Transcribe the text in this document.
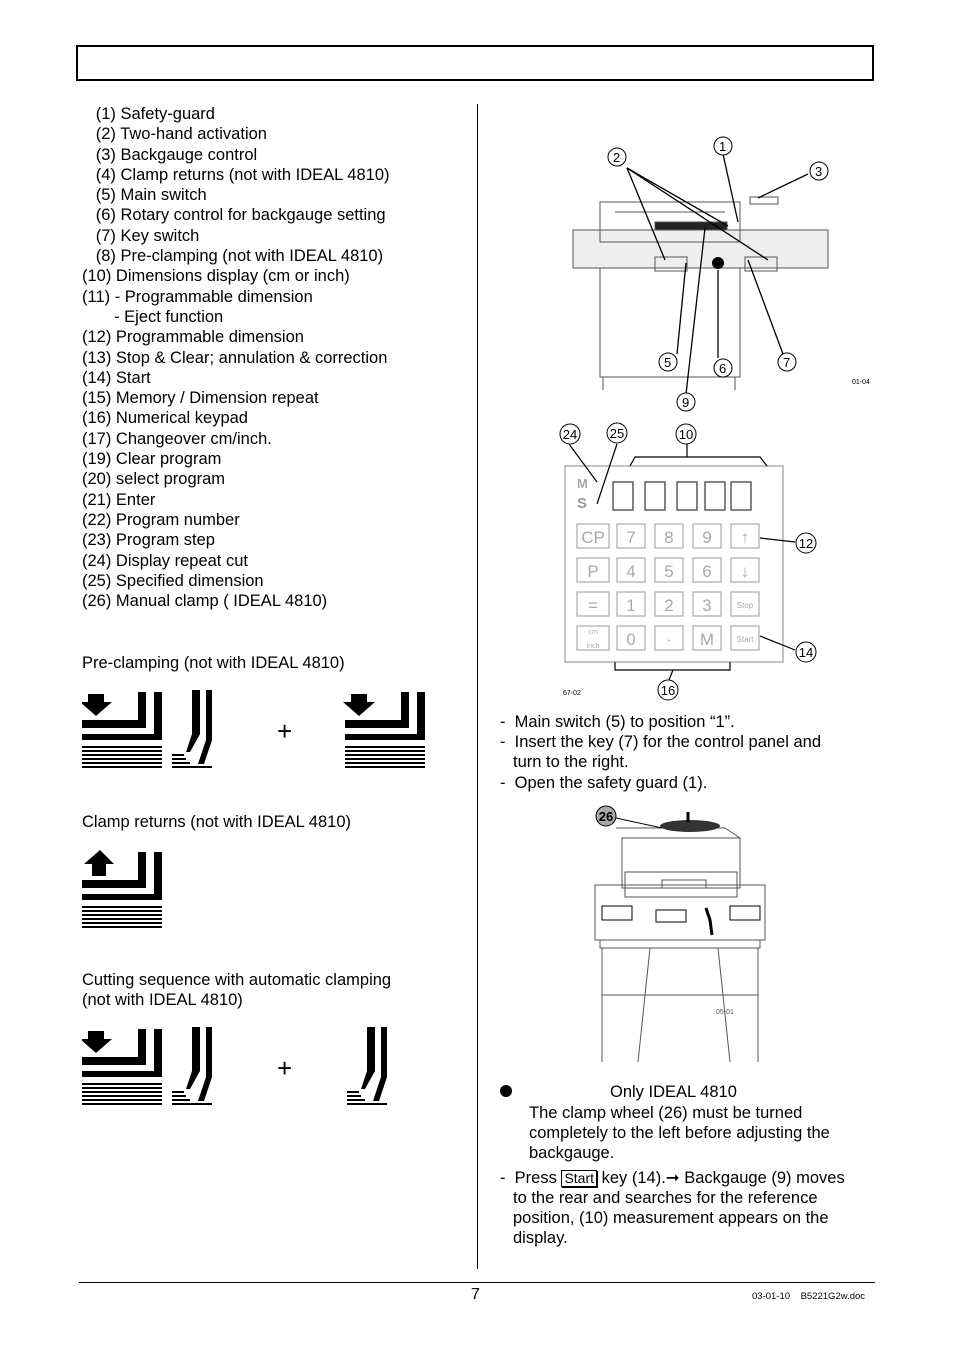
(1) Safety-guard
(2) Two-hand activation
(3) Backgauge control
(4) Clamp returns (not with IDEAL 4810)
(5) Main switch
(6) Rotary control for backgauge setting
(7) Key switch
(8) Pre-clamping (not with IDEAL 4810)
(10) Dimensions display (cm or inch)
(11) - Programmable dimension
- Eject function
(12) Programmable dimension
(13) Stop & Clear; annulation & correction
(14) Start
(15) Memory / Dimension repeat
(16) Numerical keypad
(17) Changeover cm/inch.
(19) Clear program
(20) select program
(21) Enter
(22) Program number
(23) Program step
(24) Display repeat cut
(25) Specified dimension
(26) Manual clamp ( IDEAL 4810)
Pre-clamping (not with IDEAL 4810)
+
Clamp returns (not with IDEAL 4810)
Cutting sequence with automatic clamping
(not with IDEAL 4810)
+
2
1
3
5	6	7
9
01-04
M
S
CP 7 8 9 ↑
P 4 5 6 ↓
= 1 2 3	Stop
cm
inch 0 · M	Start
24	25	10
12
14
16
67-02
-  Main switch (5) to position “1”.
-  Insert the key (7) for the control panel and
turn to the right.
-  Open the safety guard (1).
26
05-01
Only IDEAL 4810
The clamp wheel (26) must be turned
completely to the left before adjusting the
backgauge.
- Press Start key (14).➞ Backgauge (9) moves
to the rear and searches for the reference
position, (10) measurement appears on the
display.
7	03-01-10    B5221G2w.doc
